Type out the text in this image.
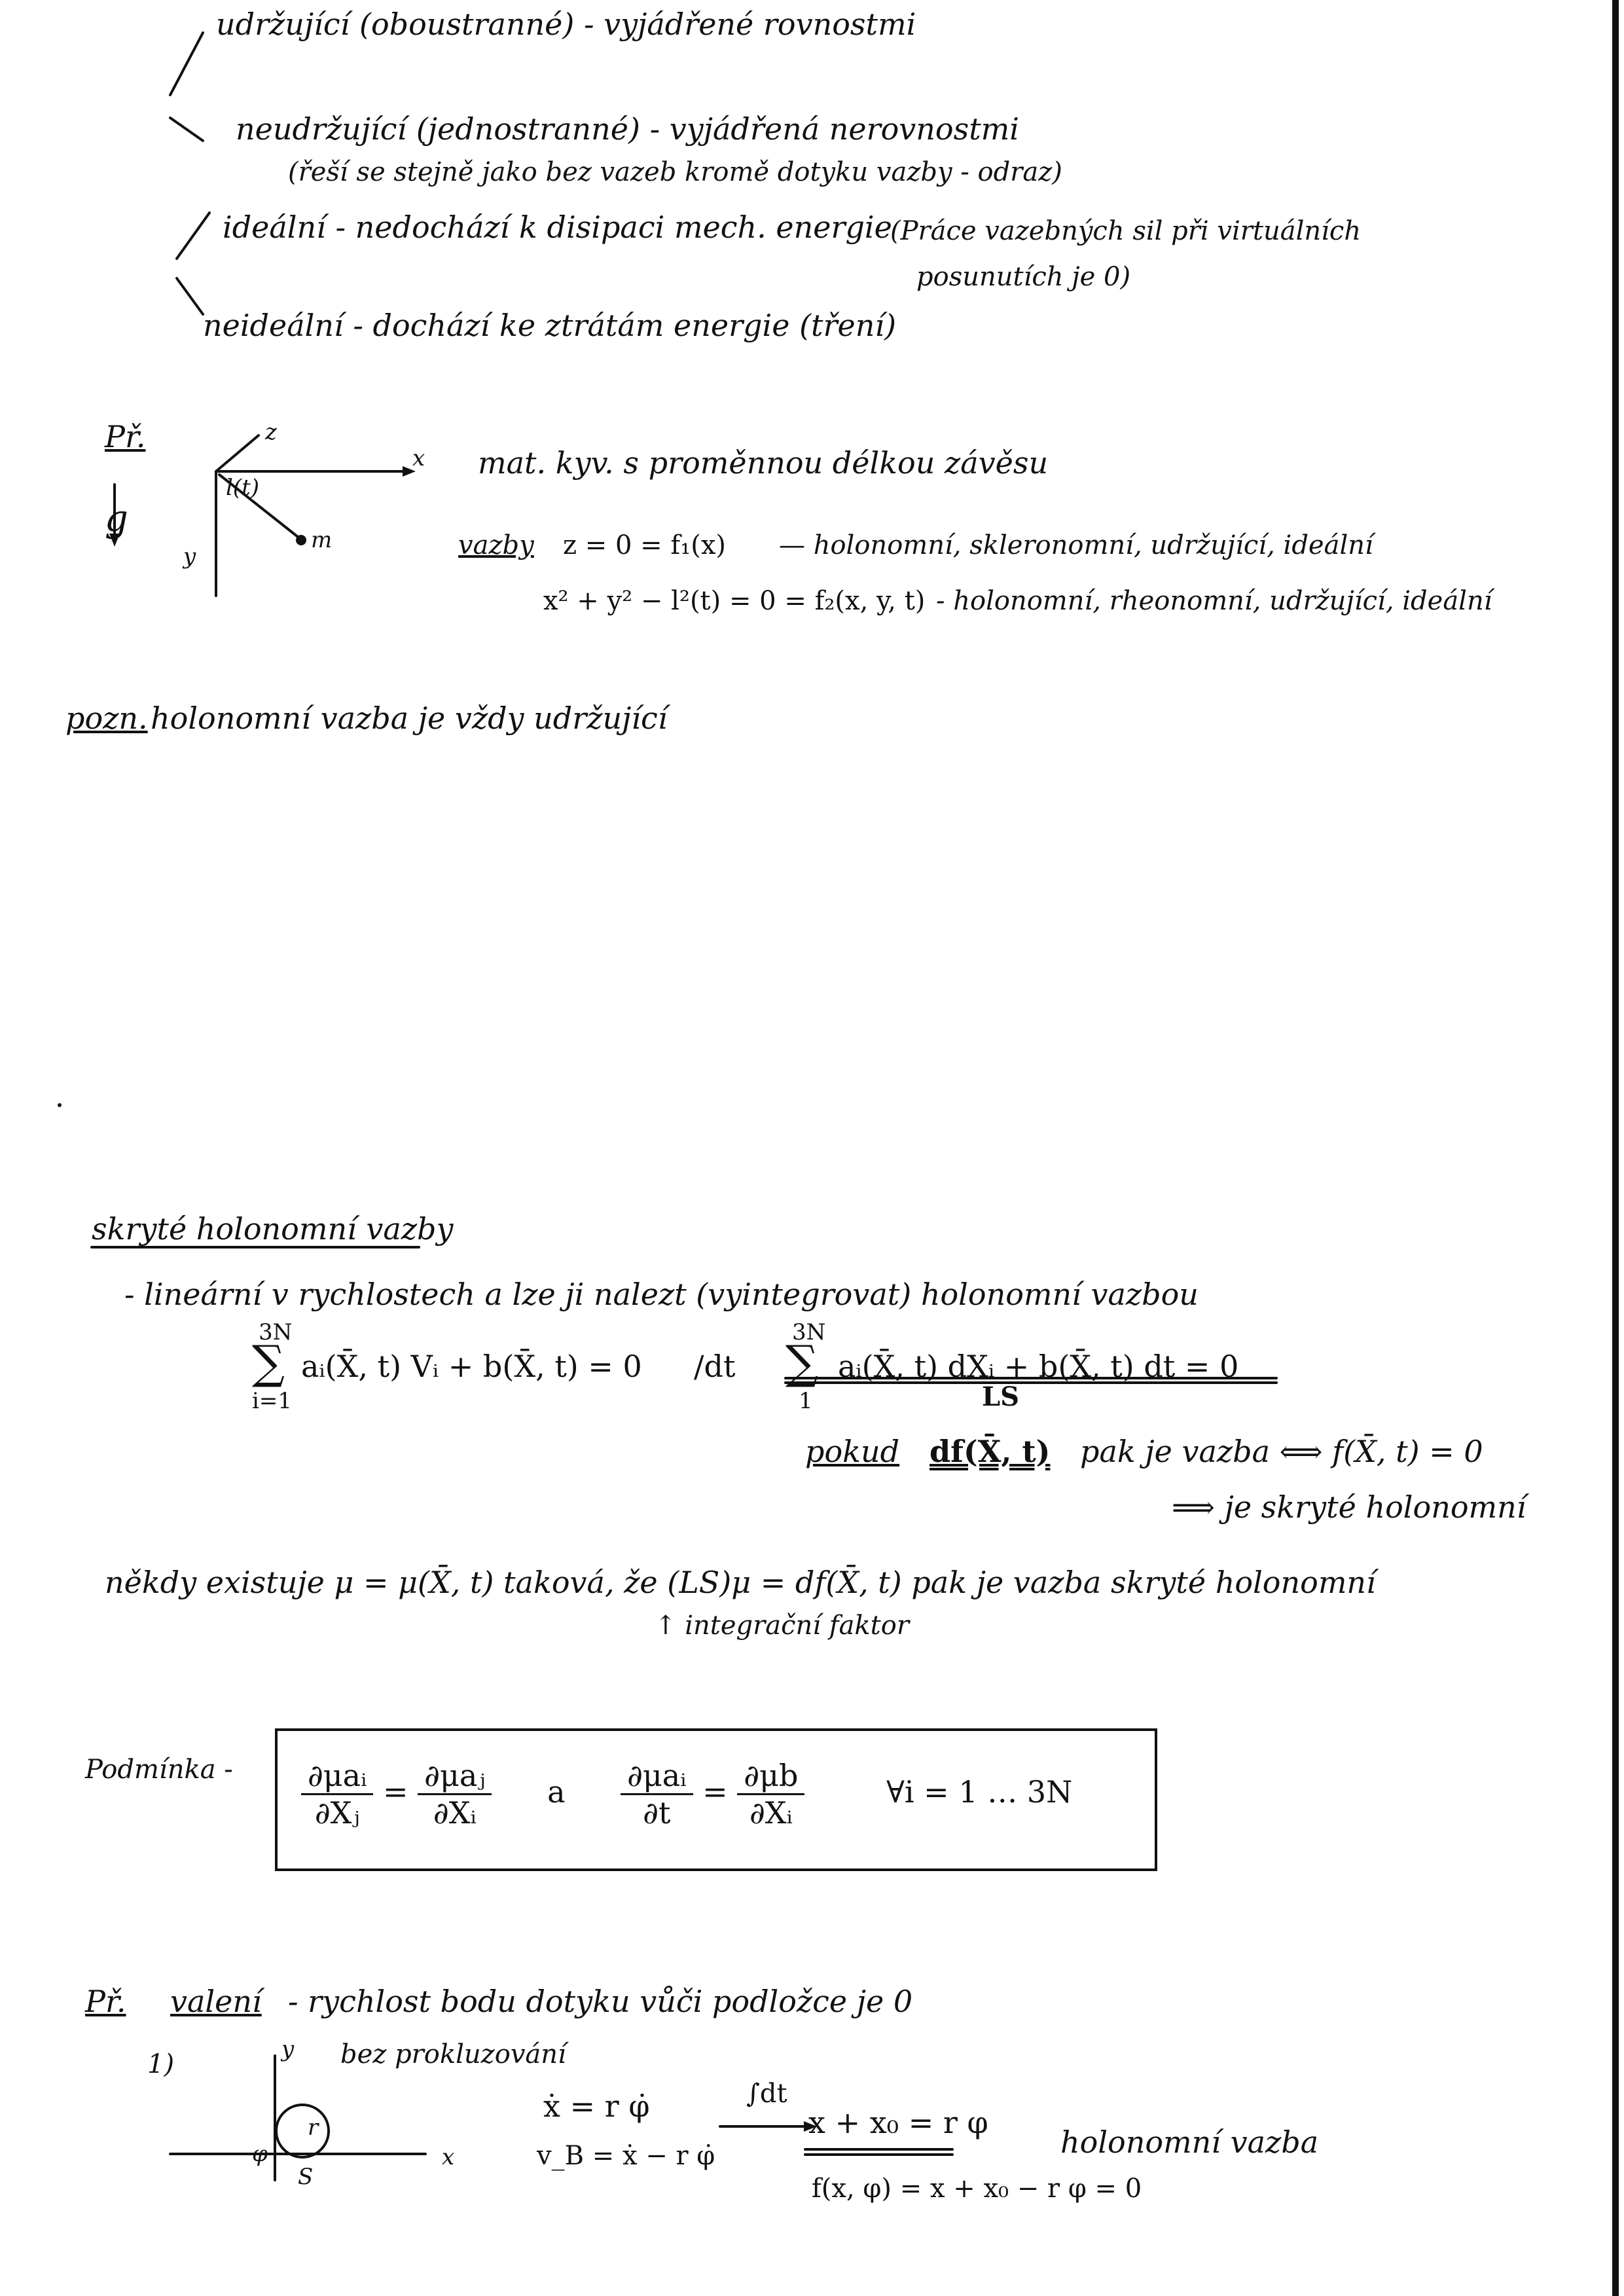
udržující (oboustranné) - vyjádřené rovnostmi
neudržující (jednostranné) - vyjádřená nerovnostmi
(řeší se stejně jako bez vazeb kromě dotyku vazby - odraz)
ideální - nedochází k disipaci mech. energie
(Práce vazebných sil při virtuálních
posunutích je 0)
neideální - dochází ke ztrátám energie (tření)
Př.
g
x
y
z
l(t)
m
mat. kyv. s proměnnou délkou závěsu
vazby z = 0 = f₁(x) — holonomní, skleronomní, udržující, ideální
x² + y² − l²(t) = 0 = f₂(x, y, t) - holonomní, rheonomní, udržující, ideální
pozn. holonomní vazba je vždy udržující
skryté holonomní vazby
- lineární v rychlostech a lze ji nalezt (vyintegrovat) holonomní vazbou
3N
∑
i=1
aᵢ(X̄, t) Vᵢ + b(X̄, t) = 0 /dt
3N
∑
1
aᵢ(X̄, t) dXᵢ + b(X̄, t) dt = 0
LS
pokud df(X̄, t) pak je vazba ⟺ f(X̄, t) = 0
⟹ je skryté holonomní
někdy existuje μ = μ(X̄, t) taková, že (LS)μ = df(X̄, t) pak je vazba skryté holonomní
↑ integrační faktor
Podmínka - $\frac{\text{∂μaᵢ}}{\text{∂Xⱼ}} = \frac{\text{∂μaⱼ}}{\text{∂Xᵢ}}$ a $\frac{\text{∂μaᵢ}}{\partial t} = \frac{\partial\mu b}{\text{∂Xᵢ}}$	∀i = 1 … 3N
Př. valení - rychlost bodu dotyku vůči podložce je 0
1)	bez prokluzování
y
x
r
φ
S
ẋ = r φ̇
v_B = ẋ − r φ̇
∫dt
x + x₀ = r φ
holonomní vazba
f(x, φ) = x + x₀ − r φ = 0
